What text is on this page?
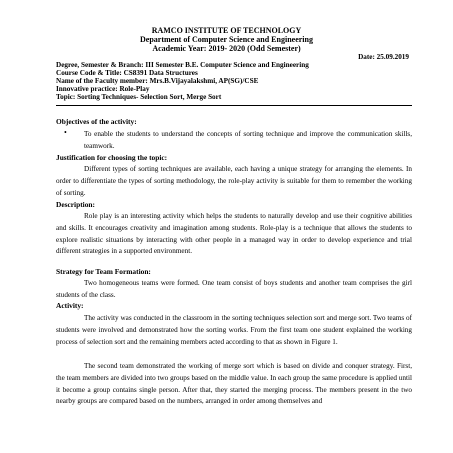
RAMCO INSTITUTE OF TECHNOLOGY
Department of Computer Science and Engineering
Academic Year: 2019- 2020 (Odd Semester)
Date: 25.09.2019
Degree, Semester & Branch: III Semester B.E. Computer Science and Engineering
Course Code & Title: CS8391 Data Structures
Name of the Faculty member: Mrs.B.Vijayalakshmi, AP(SG)/CSE
Innovative practice: Role-Play
Topic: Sorting Techniques- Selection Sort, Merge Sort
Objectives of the activity:
• To enable the students to understand the concepts of sorting technique and improve the communication skills, teamwork.
Justification for choosing the topic:

Different types of sorting techniques are available, each having a unique strategy for arranging the elements. In order to differentiate the types of sorting methodology, the role-play activity is suitable for them to remember the working of sorting.

Description:

Role play is an interesting activity which helps the students to naturally develop and use their cognitive abilities and skills. It encourages creativity and imagination among students. Role-play is a technique that allows the students to explore realistic situations by interacting with other people in a managed way in order to develop experience and trial different strategies in a supported environment.

Strategy for Team Formation:

Two homogeneous teams were formed. One team consist of boys students and another team comprises the girl students of the class.

Activity:

The activity was conducted in the classroom in the sorting techniques selection sort and merge sort. Two teams of students were involved and demonstrated how the sorting works. From the first team one student explained the working process of selection sort and the remaining members acted according to that as shown in Figure 1.

The second team demonstrated the working of merge sort which is based on divide and conquer strategy. First, the team members are divided into two groups based on the middle value. In each group the same procedure is applied until it become a group contains single person. After that, they started the merging process. The members present in the two nearby groups are compared based on the numbers, arranged in order among themselves and
